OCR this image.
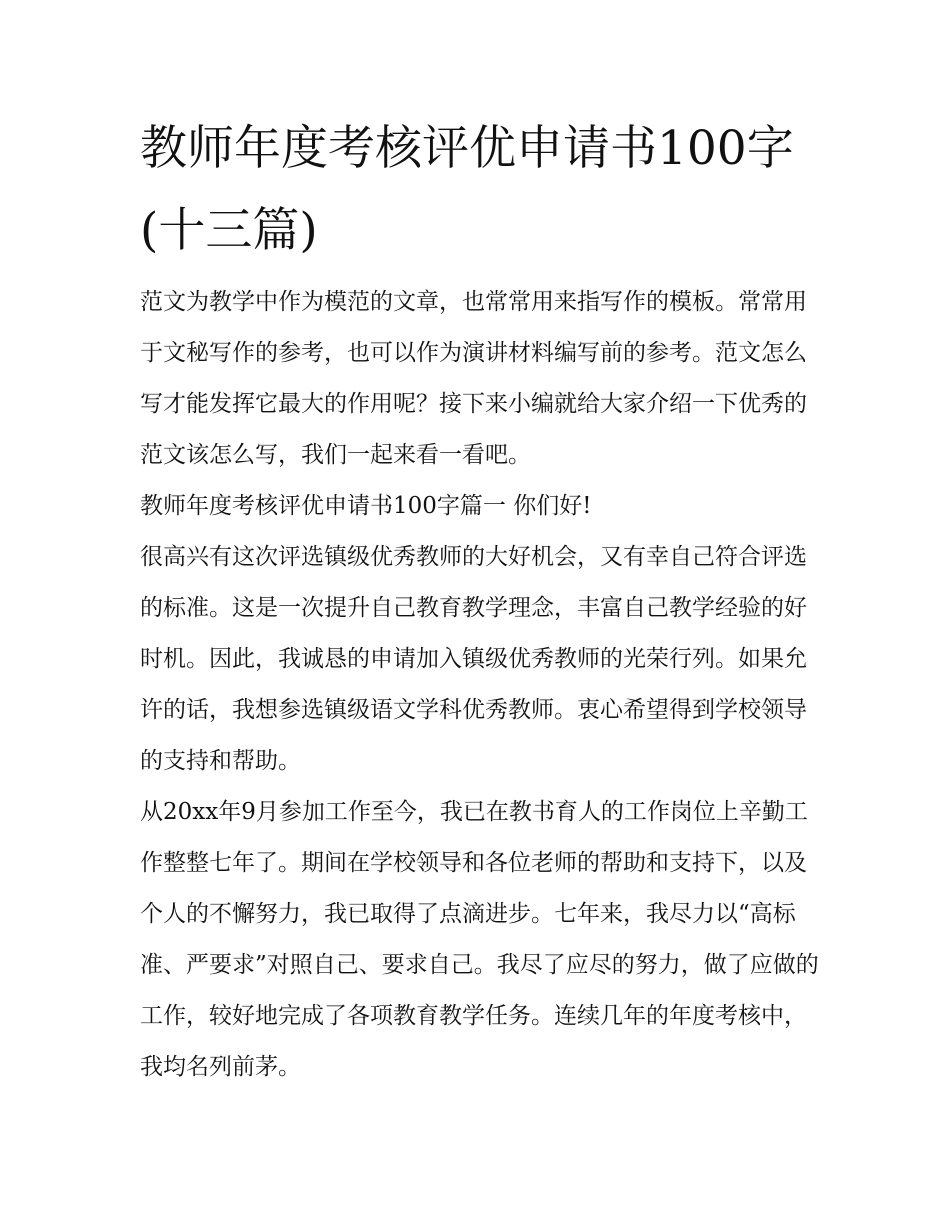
教师年度考核评优申请书100字(十三篇)

范文为教学中作为模范的文章，也常常用来指写作的模板。常常用于文秘写作的参考，也可以作为演讲材料编写前的参考。范文怎么写才能发挥它最大的作用呢？接下来小编就给大家介绍一下优秀的范文该怎么写，我们一起来看一看吧。

教师年度考核评优申请书100字篇一 你们好!

很高兴有这次评选镇级优秀教师的大好机会，又有幸自己符合评选的标准。这是一次提升自己教育教学理念，丰富自己教学经验的好时机。因此，我诚恳的申请加入镇级优秀教师的光荣行列。如果允许的话，我想参选镇级语文学科优秀教师。衷心希望得到学校领导的支持和帮助。

从20xx年9月参加工作至今，我已在教书育人的工作岗位上辛勤工作整整七年了。期间在学校领导和各位老师的帮助和支持下，以及个人的不懈努力，我已取得了点滴进步。七年来，我尽力以“高标准、严要求”对照自己、要求自己。我尽了应尽的努力，做了应做的工作，较好地完成了各项教育教学任务。连续几年的年度考核中，我均名列前茅。
